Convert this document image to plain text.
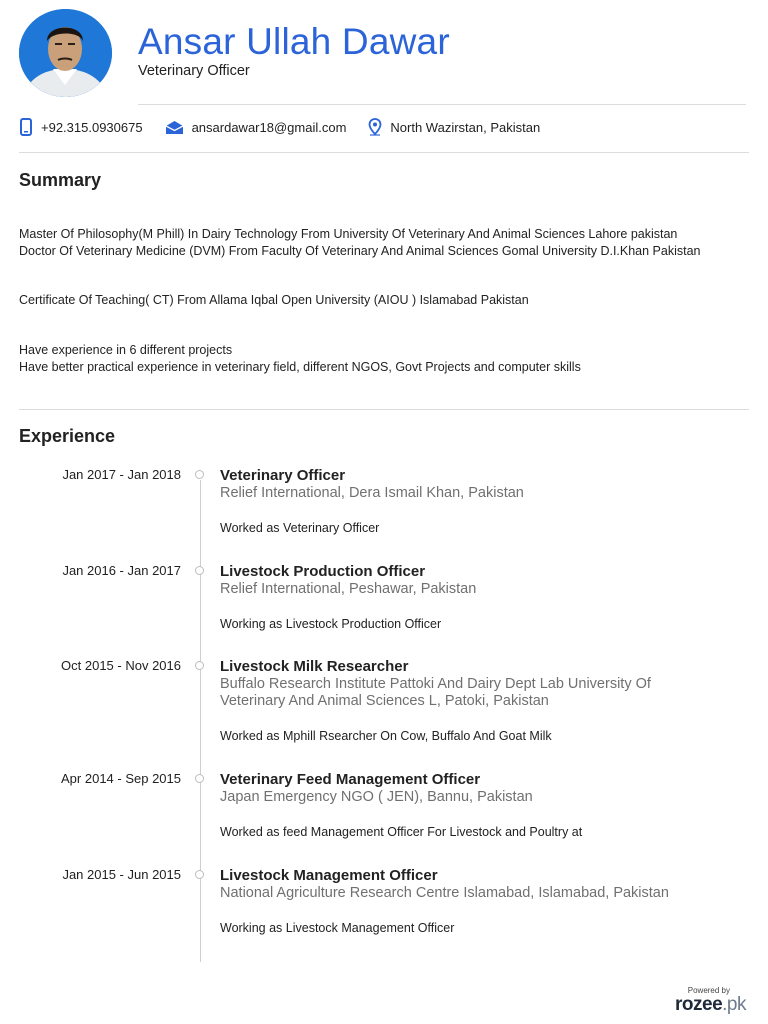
Ansar Ullah Dawar
Veterinary Officer
+92.315.0930675	ansardawar18@gmail.com	North Wazirstan, Pakistan
Summary

Master Of Philosophy(M Phill) In Dairy Technology From University Of Veterinary And Animal Sciences Lahore pakistan

Doctor Of Veterinary Medicine (DVM) From Faculty Of Veterinary And Animal Sciences Gomal University D.I.Khan Pakistan

Certificate Of Teaching( CT) From Allama Iqbal Open University (AIOU ) Islamabad Pakistan

Have experience in 6 different projects

Have better practical experience in veterinary field, different NGOS, Govt Projects and computer skills

Experience
Jan 2017 - Jan 2018	Veterinary Officer
Relief International, Dera Ismail Khan, Pakistan
Worked as Veterinary Officer
Jan 2016 - Jan 2017	Livestock Production Officer
Relief International, Peshawar, Pakistan
Working as Livestock Production Officer
Oct 2015 - Nov 2016	Livestock Milk Researcher
Buffalo Research Institute Pattoki And Dairy Dept Lab University Of Veterinary And Animal Sciences L, Patoki, Pakistan
Worked as Mphill Rsearcher On Cow, Buffalo And Goat Milk
Apr 2014 - Sep 2015	Veterinary Feed Management Officer
Japan Emergency NGO ( JEN), Bannu, Pakistan
Worked as feed Management Officer For Livestock and Poultry at
Jan 2015 - Jun 2015	Livestock Management Officer
National Agriculture Research Centre Islamabad, Islamabad, Pakistan
Working as Livestock Management Officer
Powered by
rozee.pk
